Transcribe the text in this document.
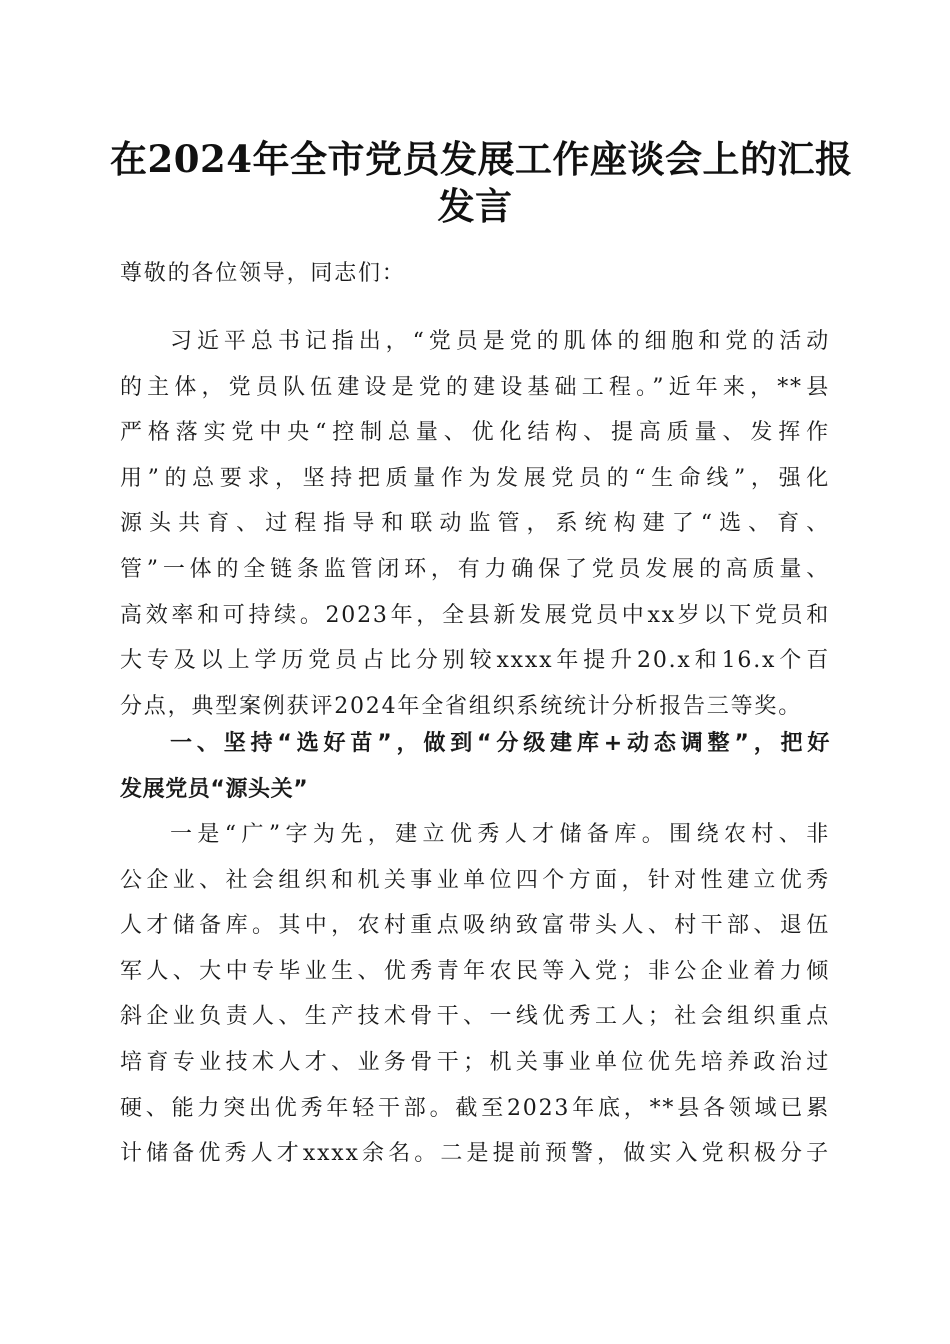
在2024年全市党员发展工作座谈会上的汇报
发言
尊敬的各位领导，同志们：
习近平总书记指出，“党员是党的肌体的细胞和党的活动
的主体，党员队伍建设是党的建设基础工程。”近年来，**县
严格落实党中央“控制总量、优化结构、提高质量、发挥作
用”的总要求，坚持把质量作为发展党员的“生命线”，强化
源头共育、过程指导和联动监管，系统构建了“选、育、
管”一体的全链条监管闭环，有力确保了党员发展的高质量、
高效率和可持续。2023年，全县新发展党员中xx岁以下党员和
大专及以上学历党员占比分别较xxxx年提升20.x和16.x个百
分点，典型案例获评2024年全省组织系统统计分析报告三等奖。
一、坚持“选好苗”，做到“分级建库+动态调整”，把好
发展党员“源头关”
一是“广”字为先，建立优秀人才储备库。围绕农村、非
公企业、社会组织和机关事业单位四个方面，针对性建立优秀
人才储备库。其中，农村重点吸纳致富带头人、村干部、退伍
军人、大中专毕业生、优秀青年农民等入党；非公企业着力倾
斜企业负责人、生产技术骨干、一线优秀工人；社会组织重点
培育专业技术人才、业务骨干；机关事业单位优先培养政治过
硬、能力突出优秀年轻干部。截至2023年底，**县各领域已累
计储备优秀人才xxxx余名。二是提前预警，做实入党积极分子
